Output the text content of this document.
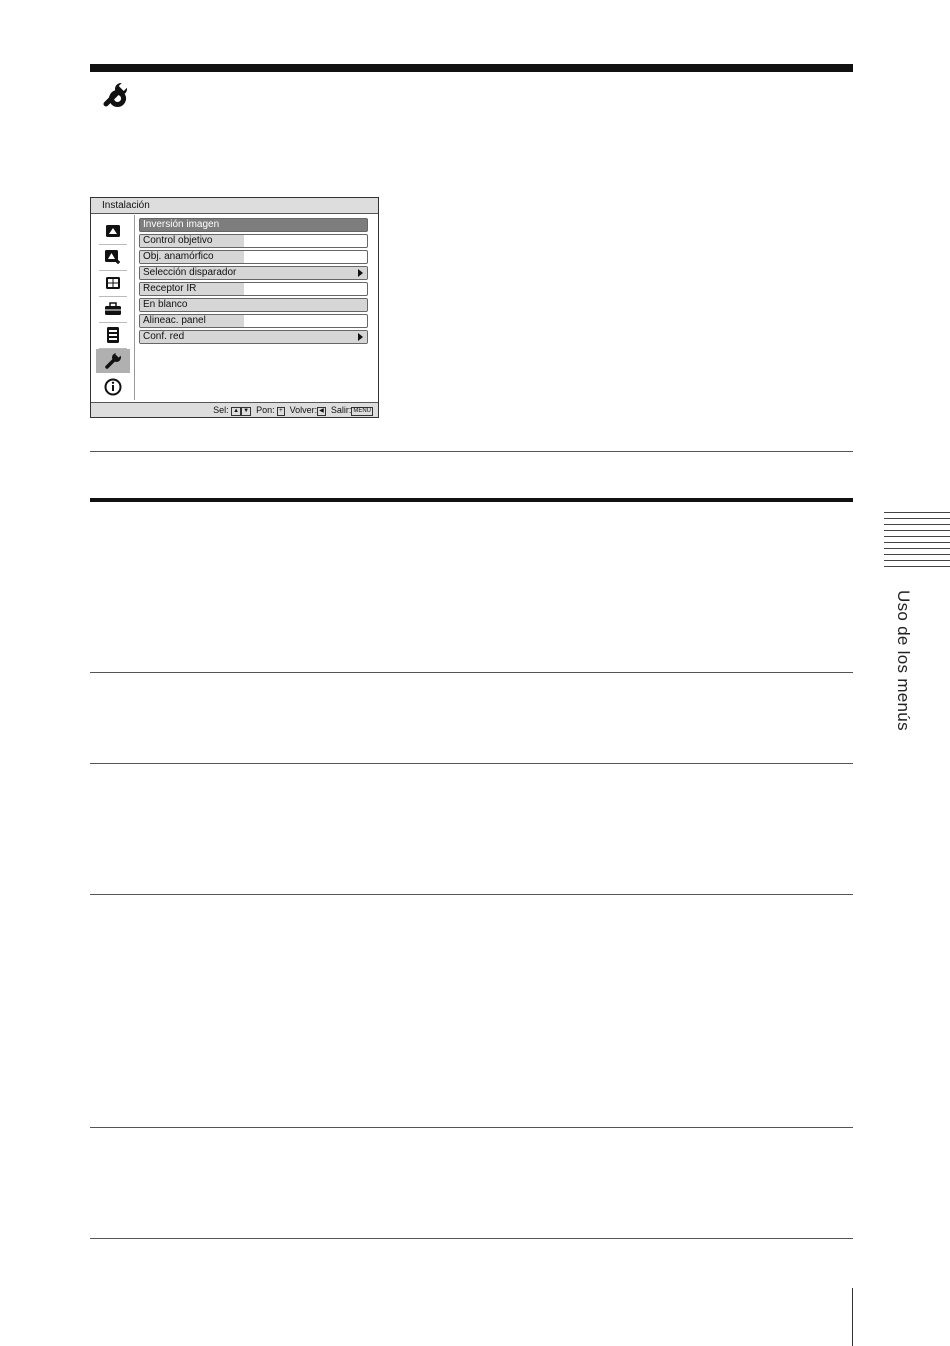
Instalación
Inversión imagen
Control objetivo
Obj. anamórfico
Selección disparador
Receptor IR
En blanco
Alineac. panel
Conf. red
Sel: ▲ ▼ Pon: + Volver: ◀ Salir: MENU
Uso de los menús
